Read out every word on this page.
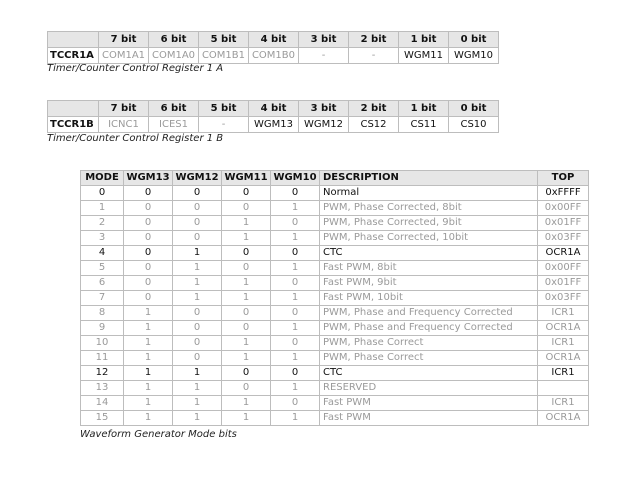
	7 bit	6 bit	5 bit	4 bit	3 bit	2 bit	1 bit	0 bit
TCCR1A	COM1A1	COM1A0	COM1B1	COM1B0	-	-	WGM11	WGM10
Timer/Counter Control Register 1 A
	7 bit	6 bit	5 bit	4 bit	3 bit	2 bit	1 bit	0 bit
TCCR1B	ICNC1	ICES1	-	WGM13	WGM12	CS12	CS11	CS10
Timer/Counter Control Register 1 B
MODE	WGM13	WGM12	WGM11	WGM10	DESCRIPTION	TOP
0	0	0	0	0	Normal	0xFFFF
1	0	0	0	1	PWM, Phase Corrected, 8bit	0x00FF
2	0	0	1	0	PWM, Phase Corrected, 9bit	0x01FF
3	0	0	1	1	PWM, Phase Corrected, 10bit	0x03FF
4	0	1	0	0	CTC	OCR1A
5	0	1	0	1	Fast PWM, 8bit	0x00FF
6	0	1	1	0	Fast PWM, 9bit	0x01FF
7	0	1	1	1	Fast PWM, 10bit	0x03FF
8	1	0	0	0	PWM, Phase and Frequency Corrected	ICR1
9	1	0	0	1	PWM, Phase and Frequency Corrected	OCR1A
10	1	0	1	0	PWM, Phase Correct	ICR1
11	1	0	1	1	PWM, Phase Correct	OCR1A
12	1	1	0	0	CTC	ICR1
13	1	1	0	1	RESERVED	
14	1	1	1	0	Fast PWM	ICR1
15	1	1	1	1	Fast PWM	OCR1A
Waveform Generator Mode bits
